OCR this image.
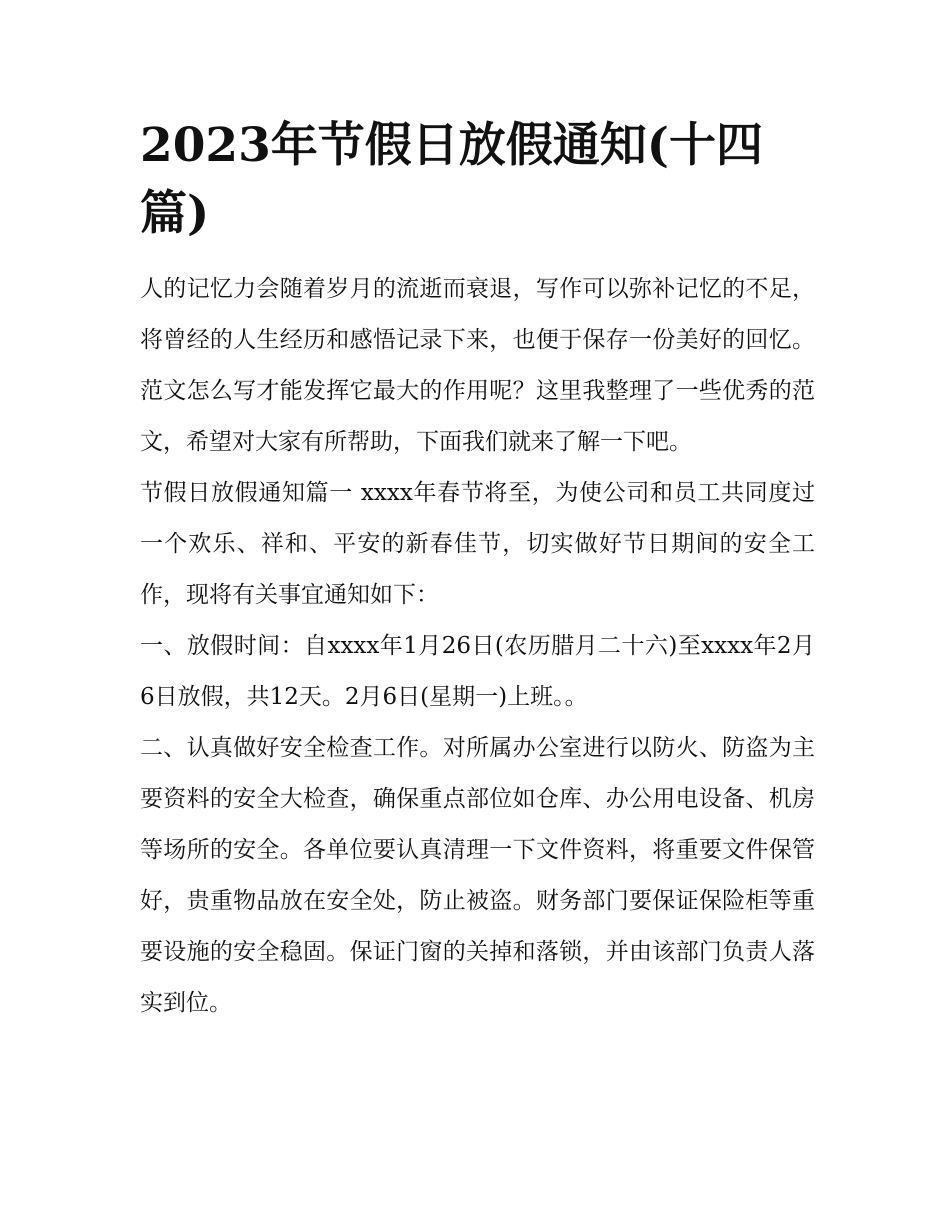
2023年节假日放假通知(十四篇)

人的记忆力会随着岁月的流逝而衰退，写作可以弥补记忆的不足，将曾经的人生经历和感悟记录下来，也便于保存一份美好的回忆。范文怎么写才能发挥它最大的作用呢？这里我整理了一些优秀的范文，希望对大家有所帮助，下面我们就来了解一下吧。

节假日放假通知篇一 xxxx年春节将至，为使公司和员工共同度过一个欢乐、祥和、平安的新春佳节，切实做好节日期间的安全工作，现将有关事宜通知如下：

一、放假时间：自xxxx年1月26日(农历腊月二十六)至xxxx年2月6日放假，共12天。2月6日(星期一)上班。。

二、认真做好安全检查工作。对所属办公室进行以防火、防盗为主要资料的安全大检查，确保重点部位如仓库、办公用电设备、机房等场所的安全。各单位要认真清理一下文件资料，将重要文件保管好，贵重物品放在安全处，防止被盗。财务部门要保证保险柜等重要设施的安全稳固。保证门窗的关掉和落锁，并由该部门负责人落实到位。
